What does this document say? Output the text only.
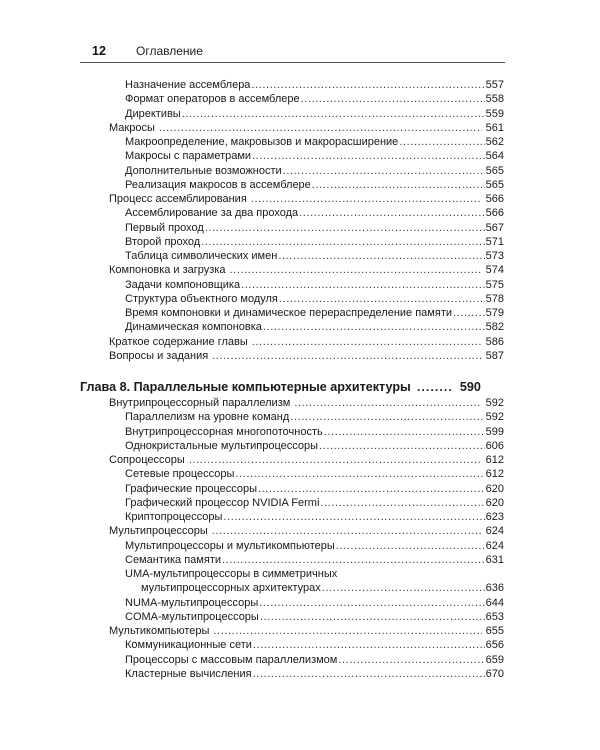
12	Оглавление
Назначение ассемблера .....	557
Формат операторов в ассемблере .....	558
Директивы .....	559
Макросы .....	561
Макроопределение, макровызов и макрорасширение .....	562
Макросы с параметрами .....	564
Дополнительные возможности .....	565
Реализация макросов в ассемблере .....	565
Процесс ассемблирования .....	566
Ассемблирование за два прохода .....	566
Первый проход .....	567
Второй проход .....	571
Таблица символических имен .....	573
Компоновка и загрузка .....	574
Задачи компоновщика .....	575
Структура объектного модуля .....	578
Время компоновки и динамическое перераспределение памяти .....	579
Динамическая компоновка .....	582
Краткое содержание главы .....	586
Вопросы и задания .....	587
Глава 8. Параллельные компьютерные архитектуры ........	590
Внутрипроцессорный параллелизм .....	592
Параллелизм на уровне команд .....	592
Внутрипроцессорная многопоточность .....	599
Однокристальные мультипроцессоры .....	606
Сопроцессоры .....	612
Сетевые процессоры .....	612
Графические процессоры .....	620
Графический процессор NVIDIA Fermi .....	620
Криптопроцессоры .....	623
Мультипроцессоры .....	624
Мультипроцессоры и мультикомпьютеры .....	624
Семантика памяти .....	631
UMA-мультипроцессоры в симметричных
мультипроцессорных архитектурах .....	636
NUMA-мультипроцессоры .....	644
COMA-мультипроцессоры .....	653
Мультикомпьютеры .....	655
Коммуникационные сети .....	656
Процессоры с массовым параллелизмом .....	659
Кластерные вычисления .....	670
